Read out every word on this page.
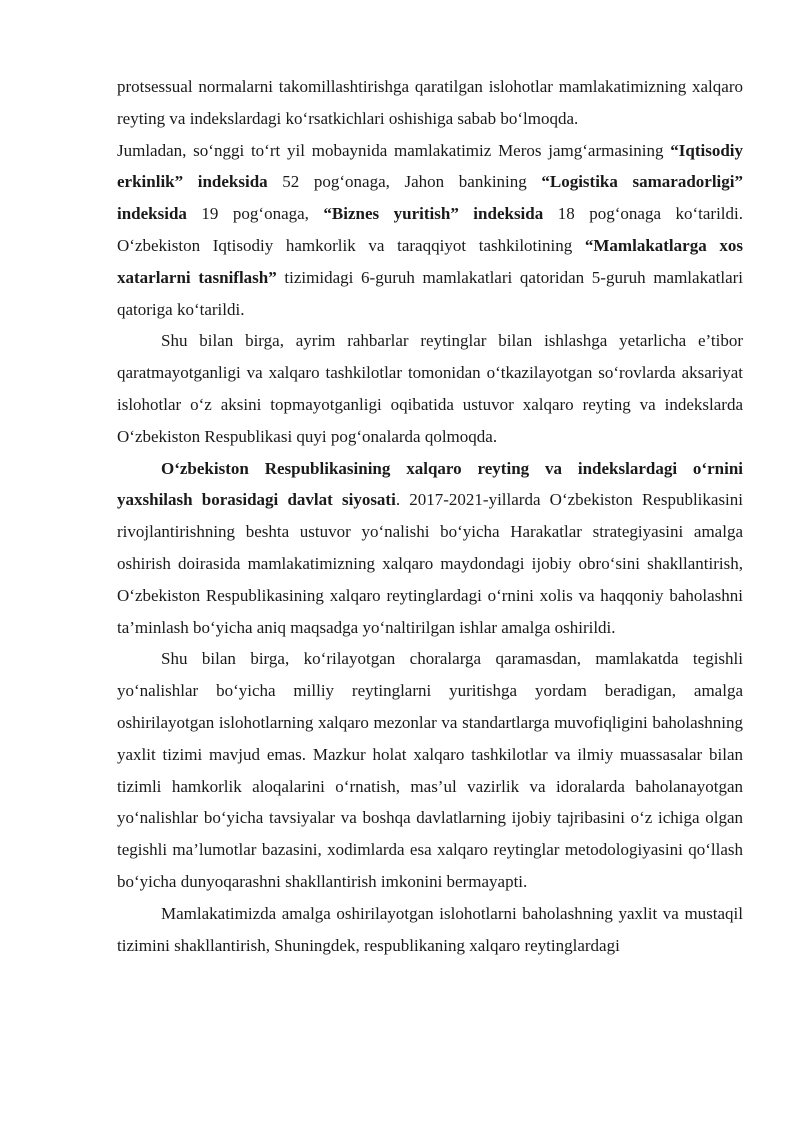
protsessual normalarni takomillashtirishga qaratilgan islohotlar mamlakatimizning xalqaro reyting va indekslardagi ko‘rsatkichlari oshishiga sabab bo‘lmoqda.

Jumladan, so‘nggi to‘rt yil mobaynida mamlakatimiz Meros jamg‘armasining “Iqtisodiy erkinlik” indeksida 52 pog‘onaga, Jahon bankining “Logistika samaradorligi” indeksida 19 pog‘onaga, “Biznes yuritish” indeksida 18 pog‘onaga ko‘tarildi. O‘zbekiston Iqtisodiy hamkorlik va taraqqiyot tashkilotining “Mamlakatlarga xos xatarlarni tasniflash” tizimidagi 6-guruh mamlakatlari qatoridan 5-guruh mamlakatlari qatoriga ko‘tarildi.

Shu bilan birga, ayrim rahbarlar reytinglar bilan ishlashga yetarlicha e’tibor qaratmayotganligi va xalqaro tashkilotlar tomonidan o‘tkazilayotgan so‘rovlarda aksariyat islohotlar o‘z aksini topmayotganligi oqibatida ustuvor xalqaro reyting va indekslarda O‘zbekiston Respublikasi quyi pog‘onalarda qolmoqda.

O‘zbekiston Respublikasining xalqaro reyting va indekslardagi o‘rnini yaxshilash borasidagi davlat siyosati. 2017-2021-yillarda O‘zbekiston Respublikasini rivojlantirishning beshta ustuvor yo‘nalishi bo‘yicha Harakatlar strategiyasini amalga oshirish doirasida mamlakatimizning xalqaro maydondagi ijobiy obro‘sini shakllantirish, O‘zbekiston Respublikasining xalqaro reytinglardagi o‘rnini xolis va haqqoniy baholashni ta’minlash bo‘yicha aniq maqsadga yo‘naltirilgan ishlar amalga oshirildi.

Shu bilan birga, ko‘rilayotgan choralarga qaramasdan, mamlakatda tegishli yo‘nalishlar bo‘yicha milliy reytinglarni yuritishga yordam beradigan, amalga oshirilayotgan islohotlarning xalqaro mezonlar va standartlarga muvofiqligini baholashning yaxlit tizimi mavjud emas. Mazkur holat xalqaro tashkilotlar va ilmiy muassasalar bilan tizimli hamkorlik aloqalarini o‘rnatish, mas’ul vazirlik va idoralarda baholanayotgan yo‘nalishlar bo‘yicha tavsiyalar va boshqa davlatlarning ijobiy tajribasini o‘z ichiga olgan tegishli ma’lumotlar bazasini, xodimlarda esa xalqaro reytinglar metodologiyasini qo‘llash bo‘yicha dunyoqarashni shakllantirish imkonini bermayapti.

Mamlakatimizda amalga oshirilayotgan islohotlarni baholashning yaxlit va mustaqil tizimini shakllantirish, Shuningdek, respublikaning xalqaro reytinglardagi
